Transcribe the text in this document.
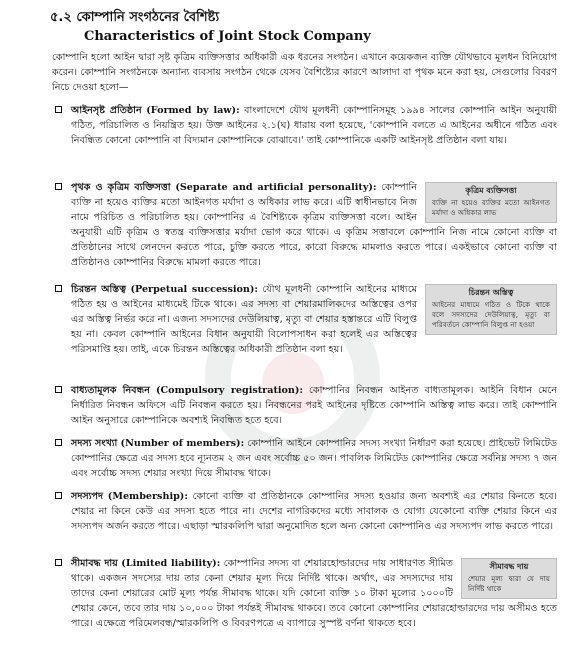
৫.২ কোম্পানি সংগঠনের বৈশিষ্ট্য
Characteristics of Joint Stock Company
কোম্পানি হলো আইন দ্বারা সৃষ্ট কৃত্রিম ব্যক্তিসত্তার অধিকারী এক ধরনের সংগঠন। এখানে কয়েকজন ব্যক্তি যৌথভাবে মূলধন বিনিয়োগ করেন। কোম্পানি সংগঠনকে অন্যান্য ব্যবসায় সংগঠন থেকে যেসব বৈশিষ্ট্যের কারণে আলাদা বা পৃথক মনে করা হয়, সেগুলোর বিবরণ নিচে দেওয়া হলো—
আইনসৃষ্ট প্রতিষ্ঠান (Formed by law): বাংলাদেশে যৌথ মূলধনী কোম্পানিসমূহ ১৯৯৪ সালের কোম্পানি আইন অনুযায়ী গঠিত, পরিচালিত ও নিয়ন্ত্রিত হয়। উক্ত আইনের ২.১(ঘ) ধারায় বলা হয়েছে, 'কোম্পানি বলতে এ আইনের অধীনে গঠিত এবং নিবন্ধিত কোনো কোম্পানি বা বিদ্যমান কোম্পানিকে বোঝাবে।' তাই কোম্পানিকে একটি আইনসৃষ্ট প্রতিষ্ঠান বলা যায়।
কৃত্রিম ব্যক্তিসত্তা
ব্যক্তি না হয়েও ব্যক্তির মতো আইনগত মর্যাদা ও অধিকার লাভ
পৃথক ও কৃত্রিম ব্যক্তিসত্তা (Separate and artificial personality): কোম্পানি ব্যক্তি না হয়েও ব্যক্তির মতো আইনগত মর্যাদা ও অধিকার লাভ করে। এটি স্বাধীনভাবে নিজ নামে পরিচিত ও পরিচালিত হয়। কোম্পানির এ বৈশিষ্ট্যকে কৃত্রিম ব্যক্তিসত্তা বলে। আইন অনুযায়ী এটি কৃত্রিম ও স্বতন্ত্র ব্যক্তিসত্তার মর্যাদা ভোগ করে থাকে। এ কৃত্রিম সত্তাবলে কোম্পানি নিজ নামে কোনো ব্যক্তি বা প্রতিষ্ঠানের সাথে লেনদেন করতে পারে, চুক্তি করতে পারে, কারো বিরুদ্ধে মামলাও করতে পারে। একইভাবে কোনো ব্যক্তি বা প্রতিষ্ঠানও কোম্পানির বিরুদ্ধে মামলা করতে পারে।
চিরন্তন অস্তিত্ব
আইনের মাধ্যমে গঠিত ও টিকে থাকে বলে সদস্যদের দেউলিয়াত্ব, মৃত্যু বা পরিবর্তনে কোম্পানি বিলুপ্ত না হওয়া
চিরন্তন অস্তিত্ব (Perpetual succession): যৌথ মূলধনী কোম্পানি আইনের মাধ্যমে গঠিত হয় ও আইনের মাধ্যমেই টিকে থাকে। এর সদস্য বা শেয়ারমালিকদের অস্তিত্বের ওপর এর অস্তিত্ব নির্ভর করে না। এজন্য সদস্যদের দেউলিয়াত্ব, মৃত্যু বা শেয়ার হস্তান্তরে এটি বিলুপ্ত হয় না। কেবল কোম্পানি আইনের বিধান অনুযায়ী বিলোপসাধন করা হলেই এর অস্তিত্বের পরিসমাপ্তি হয়। তাই, একে চিরন্তন অস্তিত্বের অধিকারী প্রতিষ্ঠান বলা হয়।
বাধ্যতামূলক নিবন্ধন (Compulsory registration): কোম্পানির নিবন্ধন আইনত বাধ্যতামূলক। আইনি বিধান মেনে নির্ধারিত নিবন্ধন অফিসে এটি নিবন্ধন করতে হয়। নিবন্ধনের পরই আইনের দৃষ্টিতে কোম্পানি অস্তিত্ব লাভ করে। তাই কোম্পানি আইন অনুসারে কোম্পানিকে অবশ্যই নিবন্ধিত হতে হবে।
সদস্য সংখ্যা (Number of members): কোম্পানি আইনে কোম্পানির সদস্য সংখ্যা নির্ধারণ করা হয়েছে। প্রাইভেট লিমিটেড কোম্পানির ক্ষেত্রে এর সদস্য হবে ন্যূনতম ২ জন এবং সর্বোচ্চ ৫০ জন। পাবলিক লিমিটেড কোম্পানির ক্ষেত্রে সর্বনিম্ন সদস্য ৭ জন এবং সর্বোচ্চ সদস্য শেয়ার সংখ্যা দিয়ে সীমাবদ্ধ থাকে।
সদস্যপদ (Membership): কোনো ব্যক্তি বা প্রতিষ্ঠানকে কোম্পানির সদস্য হওয়ার জন্য অবশ্যই এর শেয়ার কিনতে হবে। শেয়ার না কিনে কেউ এর সদস্য হতে পারে না। দেশের নাগরিকদের মধ্যে সাবালক ও যোগ্য যেকোনো ব্যক্তি শেয়ার কিনে এর সদস্যপদ অর্জন করতে পারে। এছাড়া স্মারকলিপি দ্বারা অনুমোদিত হলে অন্য কোনো কোম্পানিও এর সদস্যপদ লাভ করতে পারে।
সীমাবদ্ধ দায়
শেয়ার মূল্য দ্বারা যে দায় নির্দিষ্ট থাকে
সীমাবদ্ধ দায় (Limited liability): কোম্পানির সদস্য বা শেয়ারহোল্ডারদের দায় সাধারণত সীমিত থাকে। একজন সদস্যের দায় তার কেনা শেয়ার মূল্য দিয়ে নির্দিষ্ট থাকে। অর্থাৎ, এর সদস্যদের দায় তাদের কেনা শেয়ারের মোট মূল্য পর্যন্ত সীমাবদ্ধ থাকে। যদি কোনো ব্যক্তি ১০ টাকা মূল্যের ১০০০টি শেয়ার কেনে, তবে তার দায় ১০,০০০ টাকা পর্যন্তই সীমাবদ্ধ থাকবে। তবে কোনো কোম্পানির শেয়ারহোল্ডারদের দায় অসীমও হতে পারে। এক্ষেত্রে পরিমেলবন্ধ/স্মারকলিপি ও বিবরণপত্রে এ ব্যাপারে সুস্পষ্ট বর্ণনা থাকতে হবে।
